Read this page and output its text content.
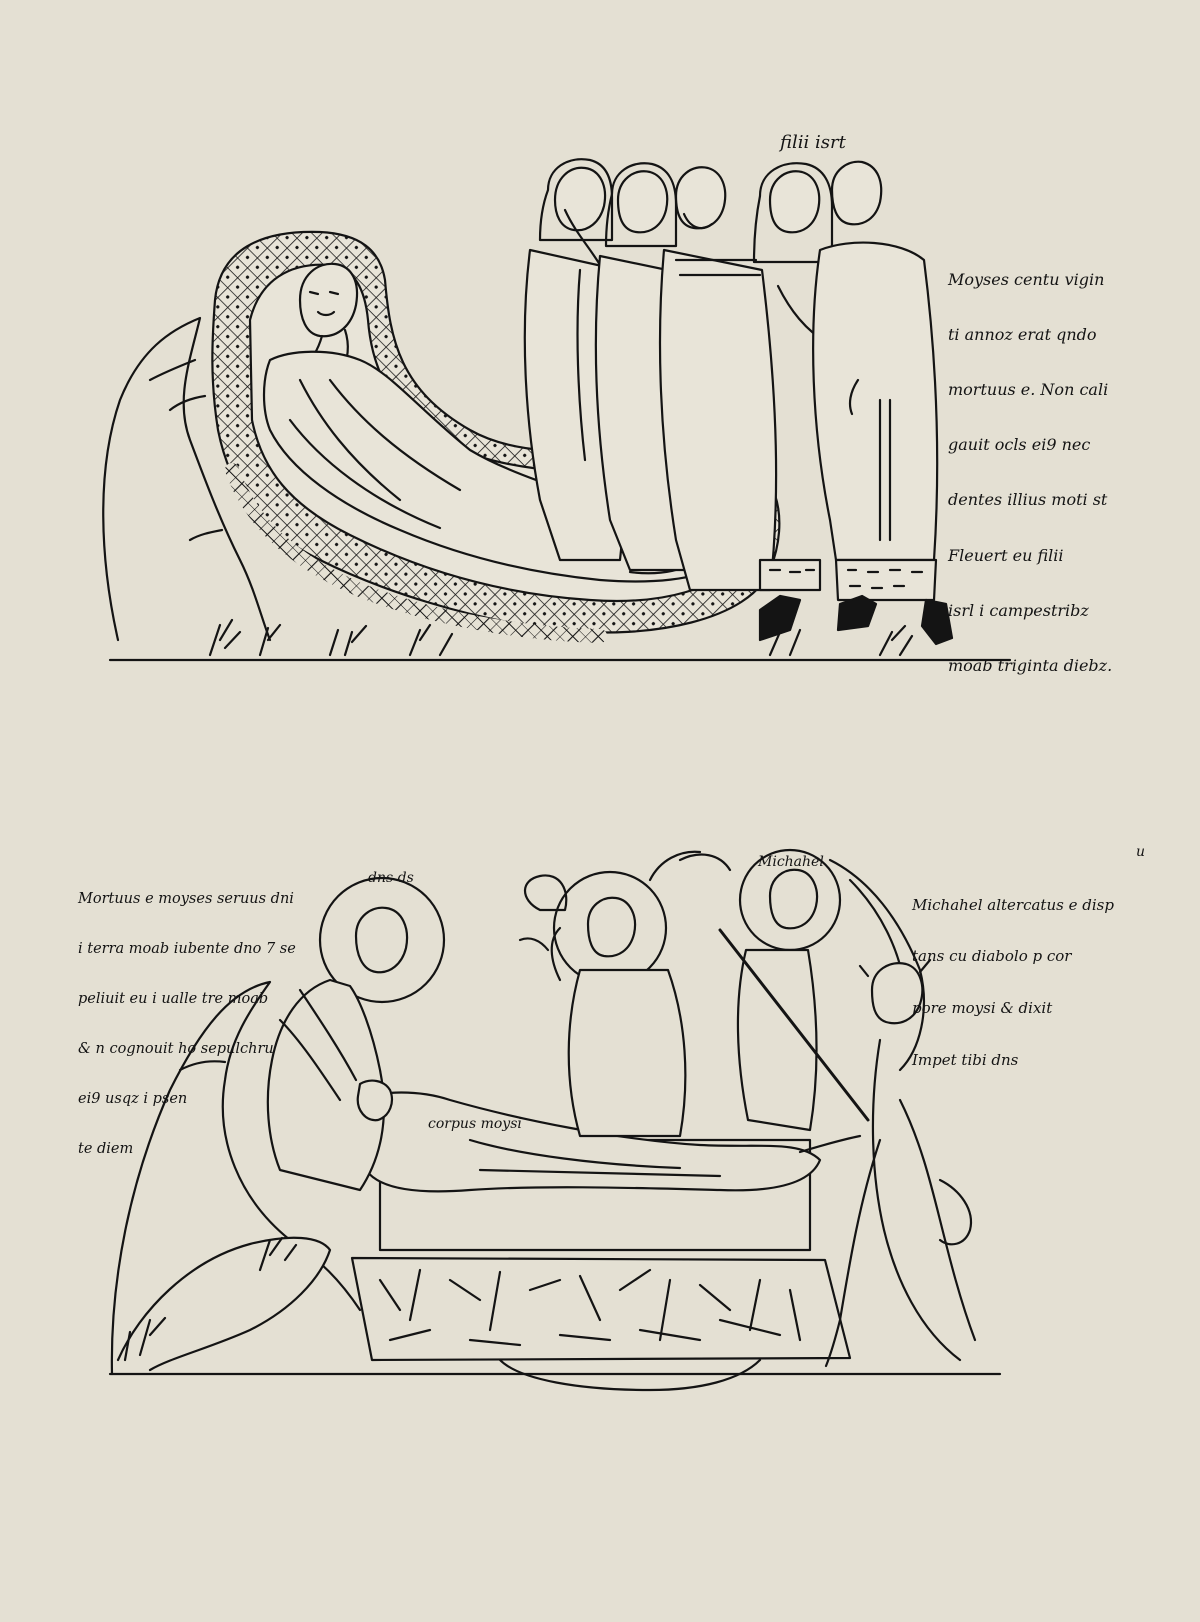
filii isrt

Moyses centu vigin

ti annoz erat qndo

mortuus e. Non cali

gauit ocls ei9 nec

dentes illius moti st

Fleuert eu filii

isrl i campestribz

moab triginta diebz.

Mortuus e moyses seruus dni

i terra moab iubente dno 7 se

peliuit eu i ualle tre moab

& n cognouit ho sepulchru

ei9 usqz i psen

te diem

dns ds
Michahel
corpus moysi
u

Michahel altercatus e disp

tans cu diabolo p cor

pore moysi & dixit

Impet tibi dns
